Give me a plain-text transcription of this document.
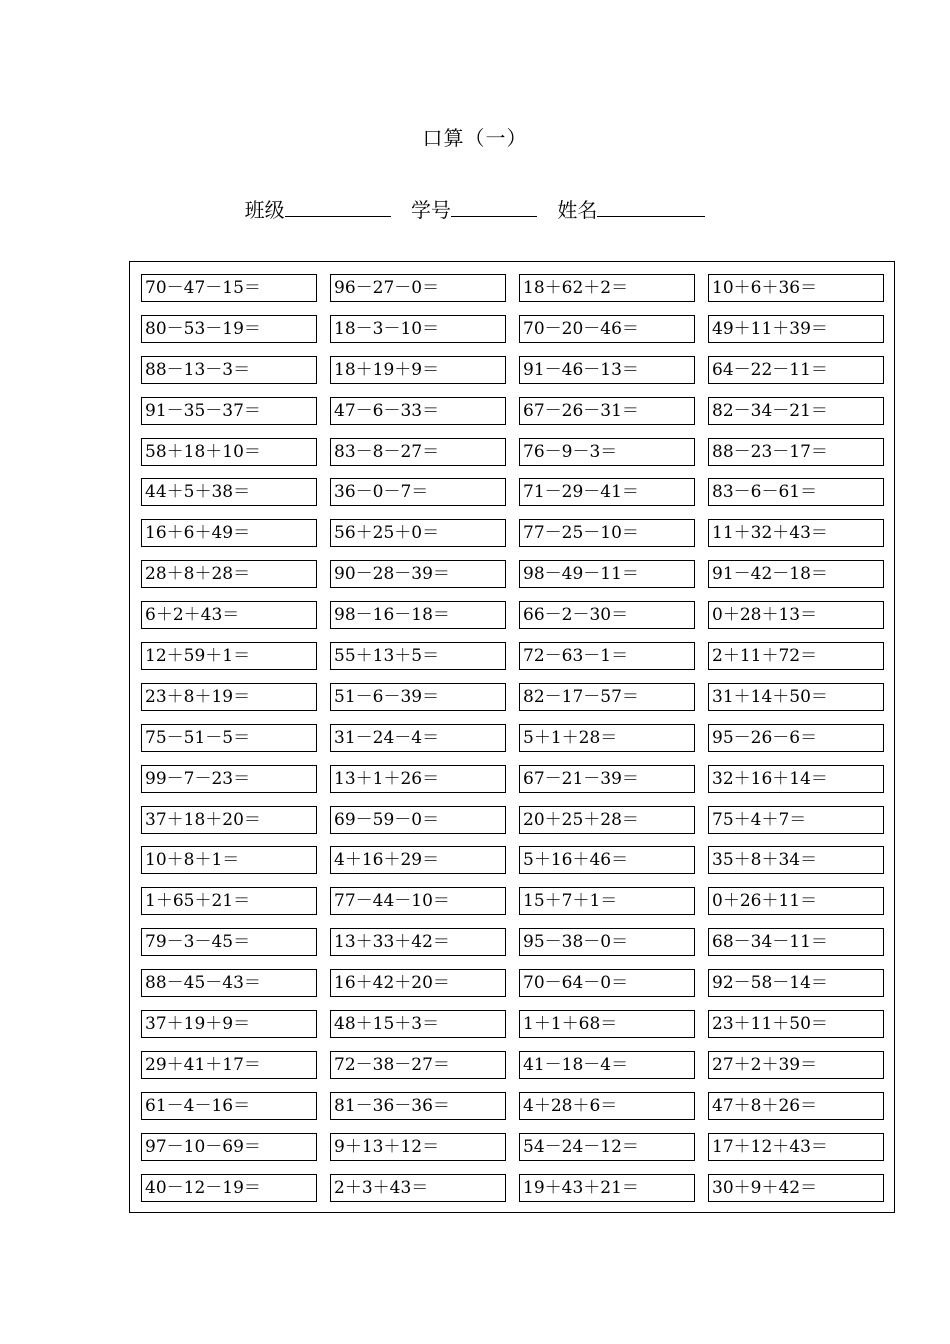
口算（一）
班级	学号	姓名
70－47－15＝	96－27－0＝	18＋62＋2＝	10＋6＋36＝
80－53－19＝	18－3－10＝	70－20－46＝	49＋11＋39＝
88－13－3＝	18＋19＋9＝	91－46－13＝	64－22－11＝
91－35－37＝	47－6－33＝	67－26－31＝	82－34－21＝
58＋18＋10＝	83－8－27＝	76－9－3＝	88－23－17＝
44＋5＋38＝	36－0－7＝	71－29－41＝	83－6－61＝
16＋6＋49＝	56＋25＋0＝	77－25－10＝	11＋32＋43＝
28＋8＋28＝	90－28－39＝	98－49－11＝	91－42－18＝
6＋2＋43＝	98－16－18＝	66－2－30＝	0＋28＋13＝
12＋59＋1＝	55＋13＋5＝	72－63－1＝	2＋11＋72＝
23＋8＋19＝	51－6－39＝	82－17－57＝	31＋14＋50＝
75－51－5＝	31－24－4＝	5＋1＋28＝	95－26－6＝
99－7－23＝	13＋1＋26＝	67－21－39＝	32＋16＋14＝
37＋18＋20＝	69－59－0＝	20＋25＋28＝	75＋4＋7＝
10＋8＋1＝	4＋16＋29＝	5＋16＋46＝	35＋8＋34＝
1＋65＋21＝	77－44－10＝	15＋7＋1＝	0＋26＋11＝
79－3－45＝	13＋33＋42＝	95－38－0＝	68－34－11＝
88－45－43＝	16＋42＋20＝	70－64－0＝	92－58－14＝
37＋19＋9＝	48＋15＋3＝	1＋1＋68＝	23＋11＋50＝
29＋41＋17＝	72－38－27＝	41－18－4＝	27＋2＋39＝
61－4－16＝	81－36－36＝	4＋28＋6＝	47＋8＋26＝
97－10－69＝	9＋13＋12＝	54－24－12＝	17＋12＋43＝
40－12－19＝	2＋3＋43＝	19＋43＋21＝	30＋9＋42＝
